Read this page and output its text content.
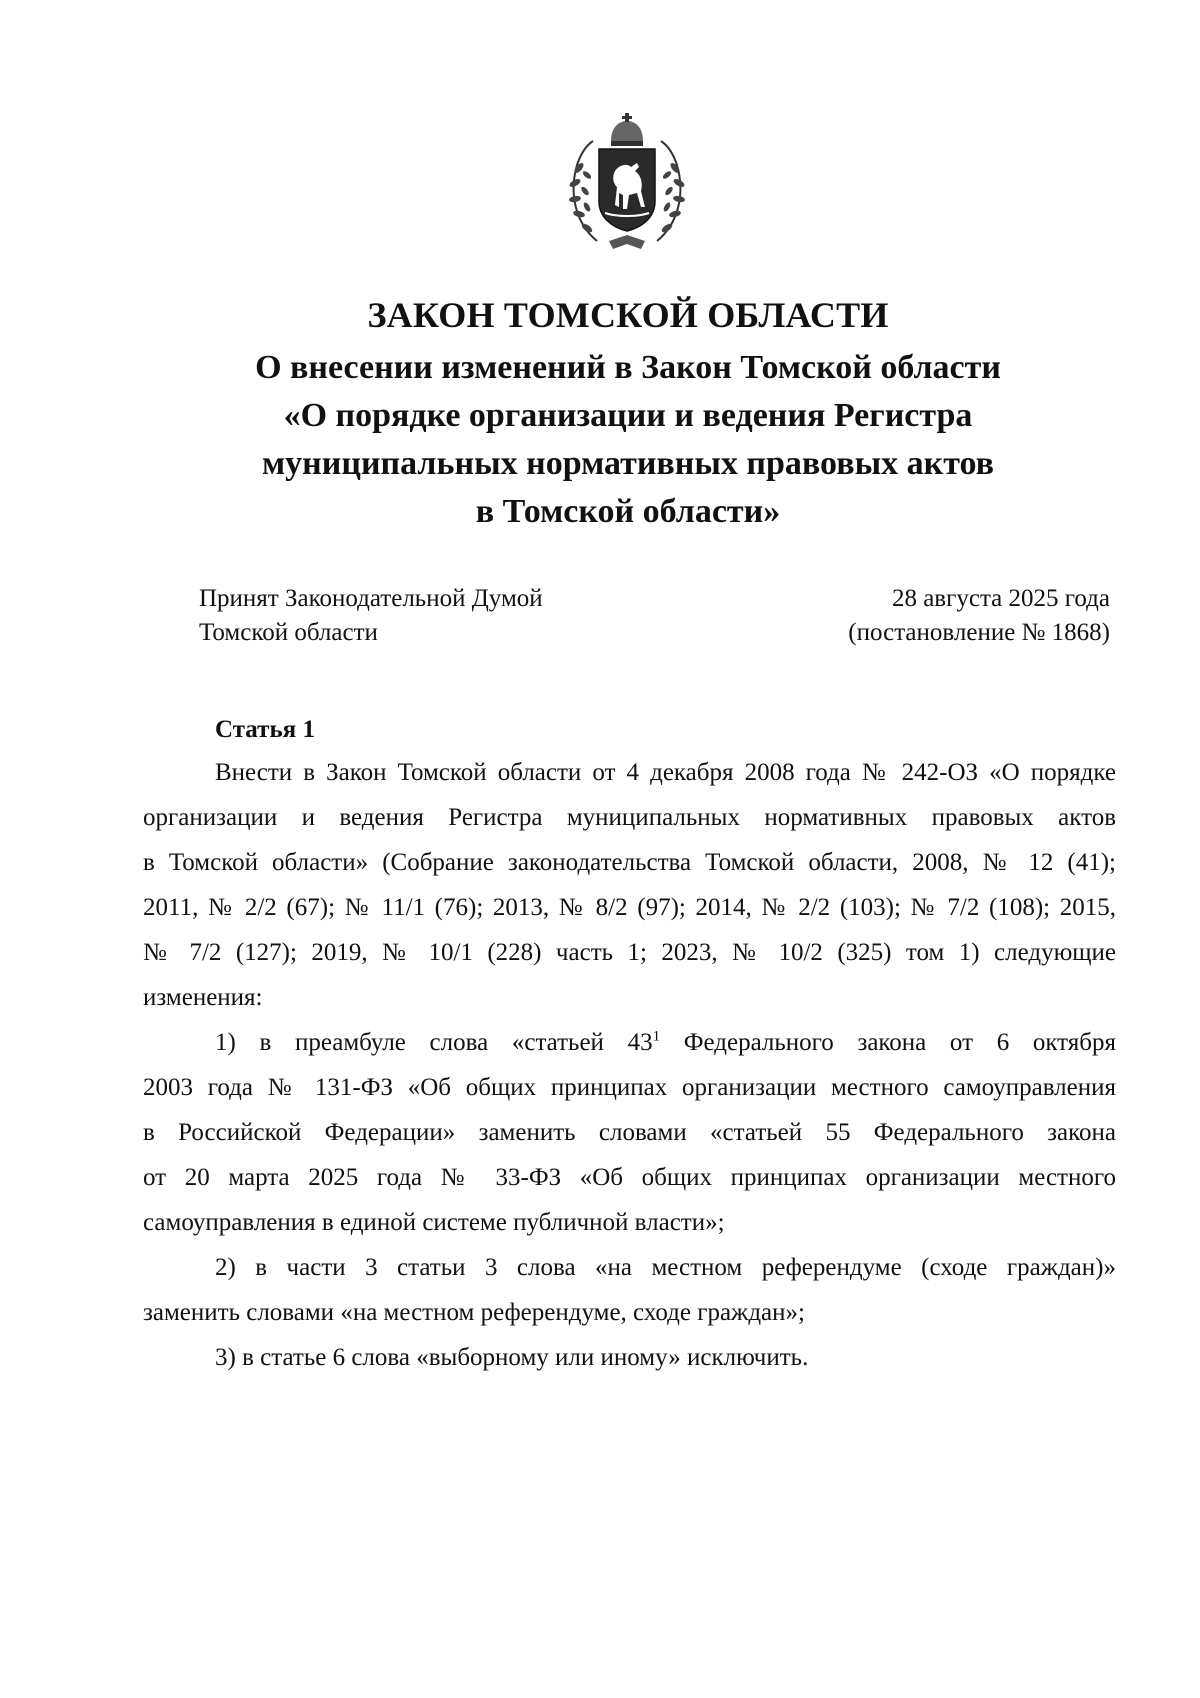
ЗАКОН ТОМСКОЙ ОБЛАСТИ
О внесении изменений в Закон Томской области
«О порядке организации и ведения Регистра
муниципальных нормативных правовых актов
в Томской области»
Принят Законодательной Думой
Томской области
28 августа 2025 года
(постановление № 1868)
Статья 1
Внести в Закон Томской области от 4 декабря 2008 года № 242-ОЗ «О порядке
организации и ведения Регистра муниципальных нормативных правовых актов
в Томской области» (Собрание законодательства Томской области, 2008, № 12 (41);
2011, № 2/2 (67); № 11/1 (76); 2013, № 8/2 (97); 2014, № 2/2 (103); № 7/2 (108); 2015,
№ 7/2 (127); 2019, № 10/1 (228) часть 1; 2023, № 10/2 (325) том 1) следующие
изменения:
1) в преамбуле слова «статьей $43^1$ Федерального закона от 6 октября
2003 года № 131-ФЗ «Об общих принципах организации местного самоуправления
в Российской Федерации» заменить словами «статьей 55 Федерального закона
от 20 марта 2025 года № 33-ФЗ «Об общих принципах организации местного
самоуправления в единой системе публичной власти»;
2) в части 3 статьи 3 слова «на местном референдуме (сходе граждан)»
заменить словами «на местном референдуме, сходе граждан»;
3) в статье 6 слова «выборному или иному» исключить.
